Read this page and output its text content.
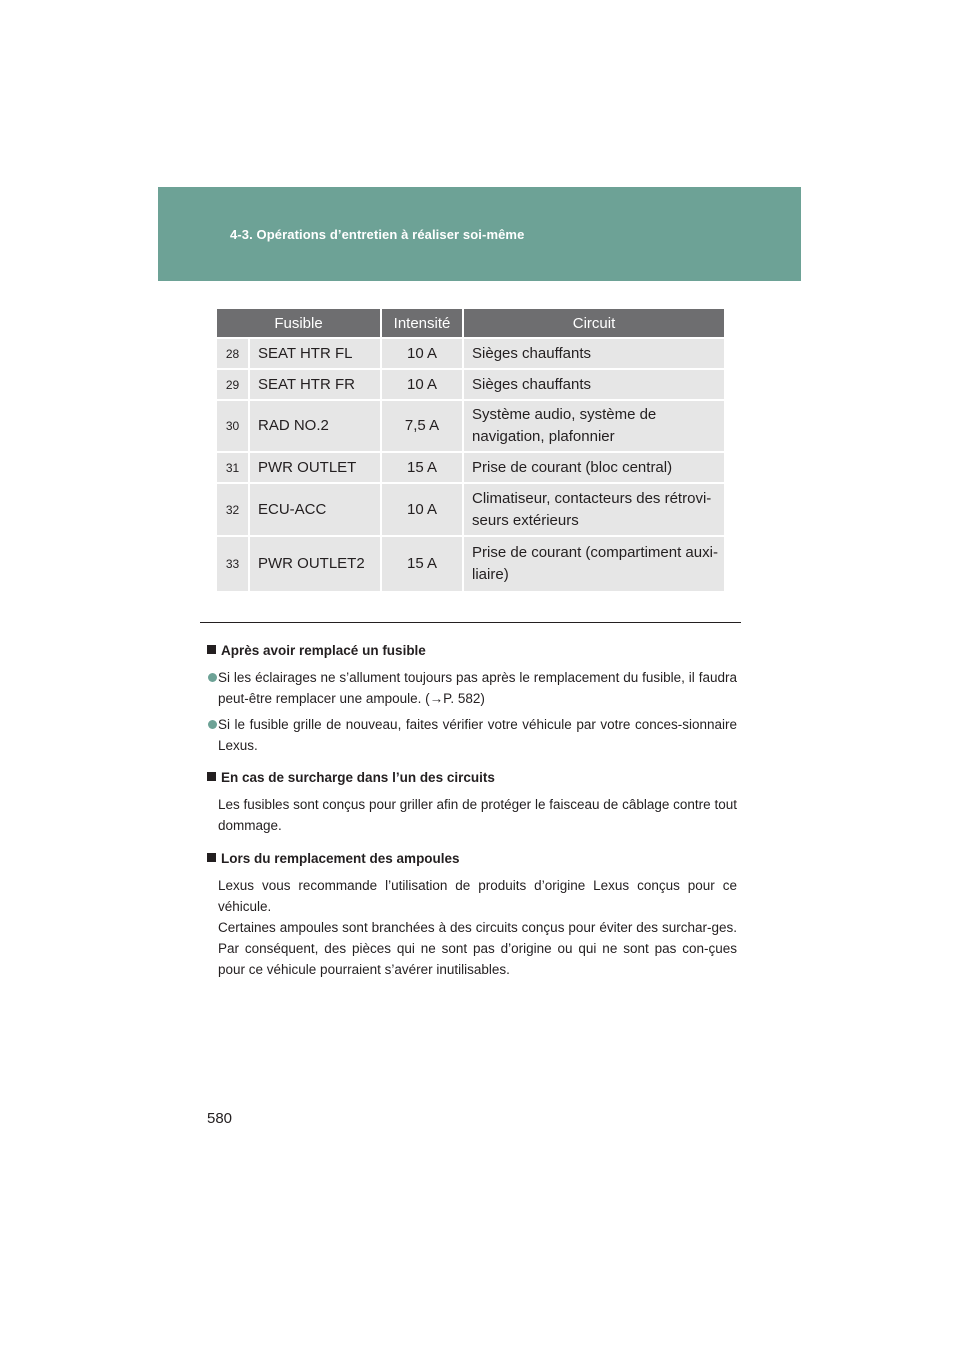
4-3. Opérations d’entretien à réaliser soi-même
Fusible		Intensité	Circuit
28	SEAT HTR FL	10 A	Sièges chauffants
29	SEAT HTR FR	10 A	Sièges chauffants
30	RAD NO.2	7,5 A	Système audio, système de navigation, plafonnier
31	PWR OUTLET	15 A	Prise de courant (bloc central)
32	ECU-ACC	10 A	Climatiseur, contacteurs des rétrovi-seurs extérieurs
33	PWR OUTLET2	15 A	Prise de courant (compartiment auxi-liaire)
Après avoir remplacé un fusible
Si les éclairages ne s’allument toujours pas après le remplacement du fusible, il faudra peut-être remplacer une ampoule. (→P. 582)
Si le fusible grille de nouveau, faites vérifier votre véhicule par votre conces-sionnaire Lexus.
En cas de surcharge dans l’un des circuits
Les fusibles sont conçus pour griller afin de protéger le faisceau de câblage contre tout dommage.
Lors du remplacement des ampoules
Lexus vous recommande l’utilisation de produits d’origine Lexus conçus pour ce véhicule.
Certaines ampoules sont branchées à des circuits conçus pour éviter des surchar-ges. Par conséquent, des pièces qui ne sont pas d’origine ou qui ne sont pas con-çues pour ce véhicule pourraient s’avérer inutilisables.
580
